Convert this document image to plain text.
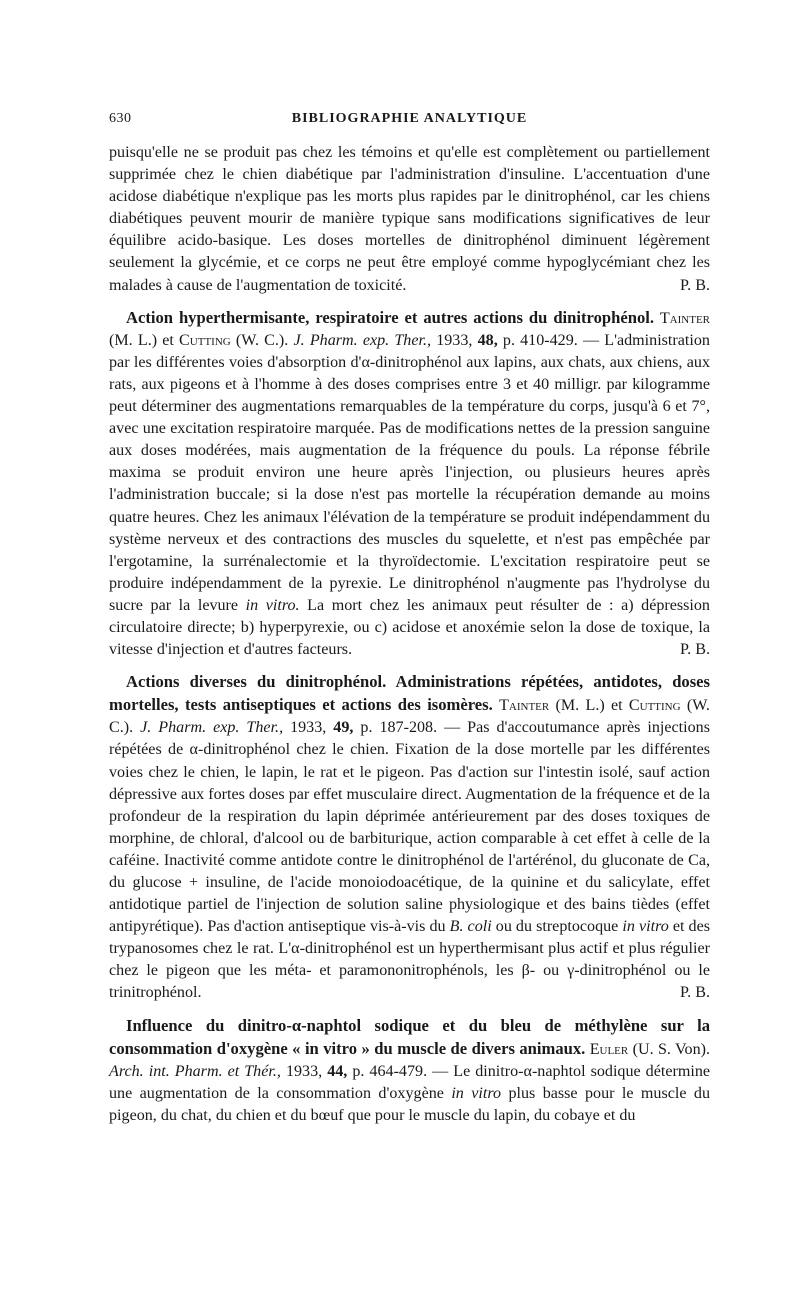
630	BIBLIOGRAPHIE ANALYTIQUE

puisqu'elle ne se produit pas chez les témoins et qu'elle est complètement ou partiellement supprimée chez le chien diabétique par l'administration d'insuline. L'accentuation d'une acidose diabétique n'explique pas les morts plus rapides par le dinitrophénol, car les chiens diabétiques peuvent mourir de manière typique sans modifications significatives de leur équilibre acido-basique. Les doses mortelles de dinitrophénol diminuent légèrement seulement la glycémie, et ce corps ne peut être employé comme hypoglycémiant chez les malades à cause de l'augmentation de toxicité.	P. B.

Action hyperthermisante, respiratoire et autres actions du dinitrophénol. Tainter (M. L.) et Cutting (W. C.). J. Pharm. exp. Ther., 1933, 48, p. 410-429. — L'administration par les différentes voies d'absorption d'α-dinitrophénol aux lapins, aux chats, aux chiens, aux rats, aux pigeons et à l'homme à des doses comprises entre 3 et 40 milligr. par kilogramme peut déterminer des augmentations remarquables de la température du corps, jusqu'à 6 et 7°, avec une excitation respiratoire marquée. Pas de modifications nettes de la pression sanguine aux doses modérées, mais augmentation de la fréquence du pouls. La réponse fébrile maxima se produit environ une heure après l'injection, ou plusieurs heures après l'administration buccale; si la dose n'est pas mortelle la récupération demande au moins quatre heures. Chez les animaux l'élévation de la température se produit indépendamment du système nerveux et des contractions des muscles du squelette, et n'est pas empêchée par l'ergotamine, la surrénalectomie et la thyroïdectomie. L'excitation respiratoire peut se produire indépendamment de la pyrexie. Le dinitrophénol n'augmente pas l'hydrolyse du sucre par la levure in vitro. La mort chez les animaux peut résulter de : a) dépression circulatoire directe; b) hyperpyrexie, ou c) acidose et anoxémie selon la dose de toxique, la vitesse d'injection et d'autres facteurs.	P. B.

Actions diverses du dinitrophénol. Administrations répétées, antidotes, doses mortelles, tests antiseptiques et actions des isomères. Tainter (M. L.) et Cutting (W. C.). J. Pharm. exp. Ther., 1933, 49, p. 187-208. — Pas d'accoutumance après injections répétées de α-dinitrophénol chez le chien. Fixation de la dose mortelle par les différentes voies chez le chien, le lapin, le rat et le pigeon. Pas d'action sur l'intestin isolé, sauf action dépressive aux fortes doses par effet musculaire direct. Augmentation de la fréquence et de la profondeur de la respiration du lapin déprimée antérieurement par des doses toxiques de morphine, de chloral, d'alcool ou de barbiturique, action comparable à cet effet à celle de la caféine. Inactivité comme antidote contre le dinitrophénol de l'artérénol, du gluconate de Ca, du glucose + insuline, de l'acide monoiodoacétique, de la quinine et du salicylate, effet antidotique partiel de l'injection de solution saline physiologique et des bains tièdes (effet antipyrétique). Pas d'action antiseptique vis-à-vis du B. coli ou du streptocoque in vitro et des trypanosomes chez le rat. L'α-dinitrophénol est un hyperthermisant plus actif et plus régulier chez le pigeon que les méta- et paramononitrophénols, les β- ou γ-dinitrophénol ou le trinitrophénol.	P. B.

Influence du dinitro-α-naphtol sodique et du bleu de méthylène sur la consommation d'oxygène « in vitro » du muscle de divers animaux. Euler (U. S. Von). Arch. int. Pharm. et Thér., 1933, 44, p. 464-479. — Le dinitro-α-naphtol sodique détermine une augmentation de la consommation d'oxygène in vitro plus basse pour le muscle du pigeon, du chat, du chien et du bœuf que pour le muscle du lapin, du cobaye et du
